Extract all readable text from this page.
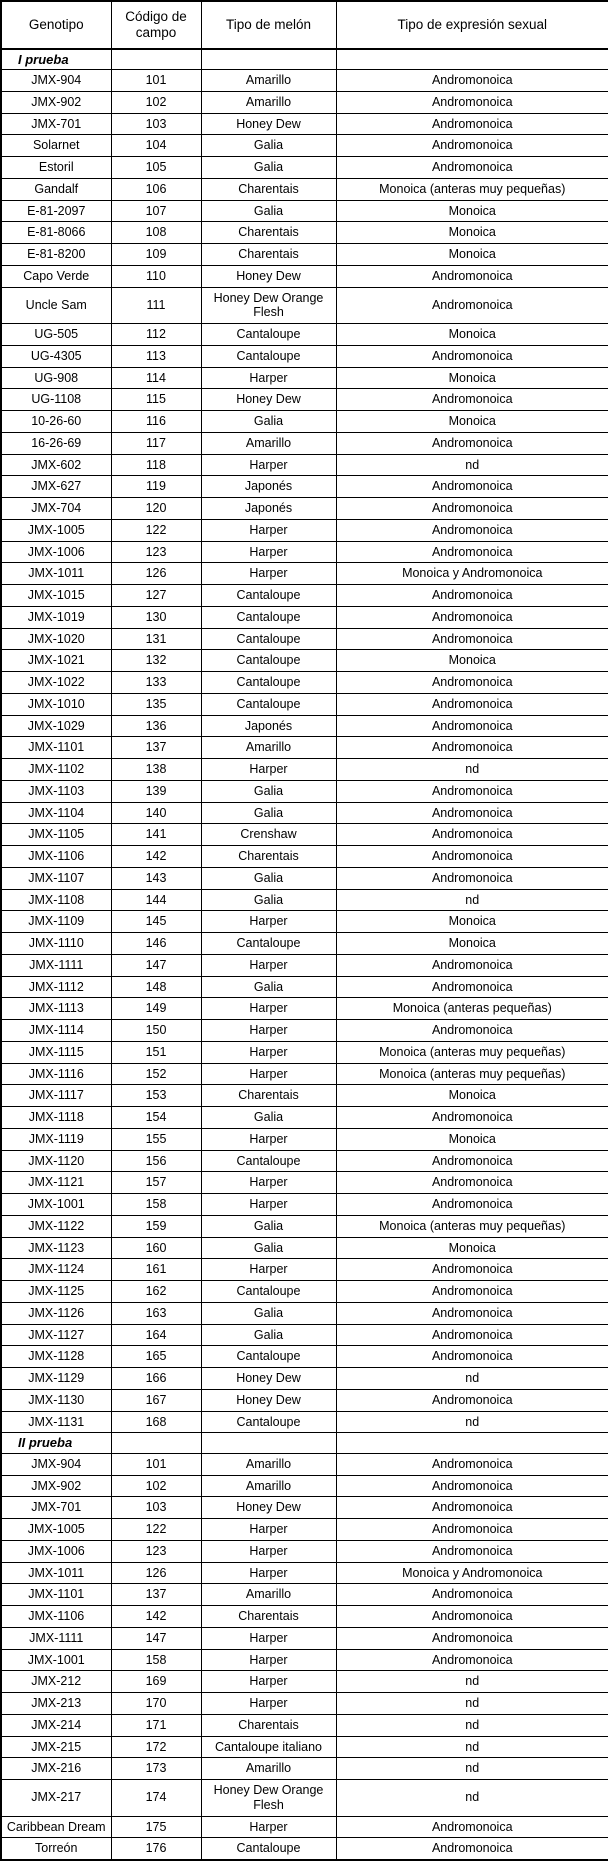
Genotipo	Código de campo	Tipo de melón	Tipo de expresión sexual
I prueba			
JMX-904	101	Amarillo	Andromonoica
JMX-902	102	Amarillo	Andromonoica
JMX-701	103	Honey Dew	Andromonoica
Solarnet	104	Galia	Andromonoica
Estoril	105	Galia	Andromonoica
Gandalf	106	Charentais	Monoica (anteras muy pequeñas)
E-81-2097	107	Galia	Monoica
E-81-8066	108	Charentais	Monoica
E-81-8200	109	Charentais	Monoica
Capo Verde	110	Honey Dew	Andromonoica
Uncle Sam	111	Honey Dew Orange Flesh	Andromonoica
UG-505	112	Cantaloupe	Monoica
UG-4305	113	Cantaloupe	Andromonoica
UG-908	114	Harper	Monoica
UG-1108	115	Honey Dew	Andromonoica
10-26-60	116	Galia	Monoica
16-26-69	117	Amarillo	Andromonoica
JMX-602	118	Harper	nd
JMX-627	119	Japonés	Andromonoica
JMX-704	120	Japonés	Andromonoica
JMX-1005	122	Harper	Andromonoica
JMX-1006	123	Harper	Andromonoica
JMX-1011	126	Harper	Monoica y Andromonoica
JMX-1015	127	Cantaloupe	Andromonoica
JMX-1019	130	Cantaloupe	Andromonoica
JMX-1020	131	Cantaloupe	Andromonoica
JMX-1021	132	Cantaloupe	Monoica
JMX-1022	133	Cantaloupe	Andromonoica
JMX-1010	135	Cantaloupe	Andromonoica
JMX-1029	136	Japonés	Andromonoica
JMX-1101	137	Amarillo	Andromonoica
JMX-1102	138	Harper	nd
JMX-1103	139	Galia	Andromonoica
JMX-1104	140	Galia	Andromonoica
JMX-1105	141	Crenshaw	Andromonoica
JMX-1106	142	Charentais	Andromonoica
JMX-1107	143	Galia	Andromonoica
JMX-1108	144	Galia	nd
JMX-1109	145	Harper	Monoica
JMX-1110	146	Cantaloupe	Monoica
JMX-1111	147	Harper	Andromonoica
JMX-1112	148	Galia	Andromonoica
JMX-1113	149	Harper	Monoica (anteras pequeñas)
JMX-1114	150	Harper	Andromonoica
JMX-1115	151	Harper	Monoica (anteras muy pequeñas)
JMX-1116	152	Harper	Monoica (anteras muy pequeñas)
JMX-1117	153	Charentais	Monoica
JMX-1118	154	Galia	Andromonoica
JMX-1119	155	Harper	Monoica
JMX-1120	156	Cantaloupe	Andromonoica
JMX-1121	157	Harper	Andromonoica
JMX-1001	158	Harper	Andromonoica
JMX-1122	159	Galia	Monoica (anteras muy pequeñas)
JMX-1123	160	Galia	Monoica
JMX-1124	161	Harper	Andromonoica
JMX-1125	162	Cantaloupe	Andromonoica
JMX-1126	163	Galia	Andromonoica
JMX-1127	164	Galia	Andromonoica
JMX-1128	165	Cantaloupe	Andromonoica
JMX-1129	166	Honey Dew	nd
JMX-1130	167	Honey Dew	Andromonoica
JMX-1131	168	Cantaloupe	nd
II prueba			
JMX-904	101	Amarillo	Andromonoica
JMX-902	102	Amarillo	Andromonoica
JMX-701	103	Honey Dew	Andromonoica
JMX-1005	122	Harper	Andromonoica
JMX-1006	123	Harper	Andromonoica
JMX-1011	126	Harper	Monoica y Andromonoica
JMX-1101	137	Amarillo	Andromonoica
JMX-1106	142	Charentais	Andromonoica
JMX-1111	147	Harper	Andromonoica
JMX-1001	158	Harper	Andromonoica
JMX-212	169	Harper	nd
JMX-213	170	Harper	nd
JMX-214	171	Charentais	nd
JMX-215	172	Cantaloupe italiano	nd
JMX-216	173	Amarillo	nd
JMX-217	174	Honey Dew Orange Flesh	nd
Caribbean Dream	175	Harper	Andromonoica
Torreón	176	Cantaloupe	Andromonoica
